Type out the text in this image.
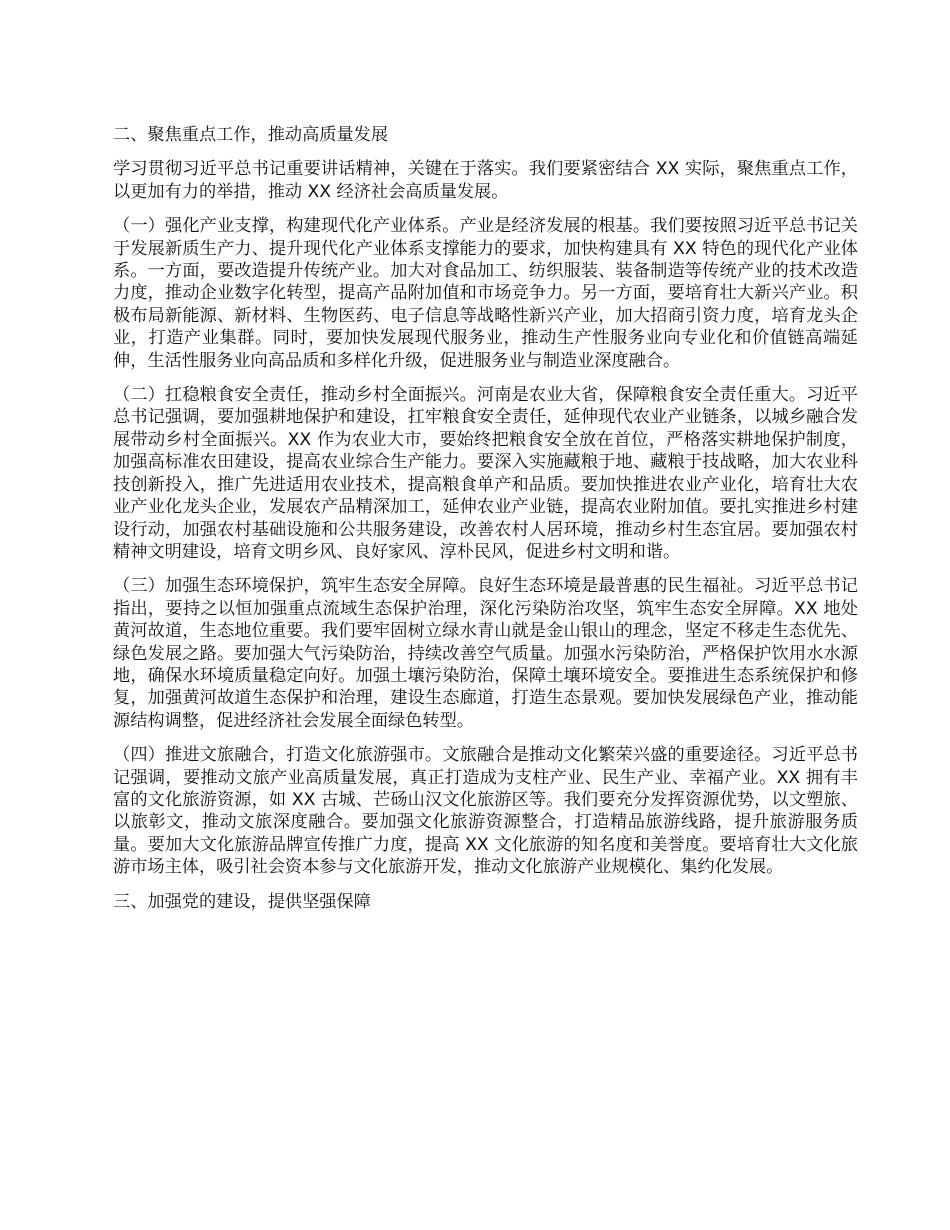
二、聚焦重点工作，推动高质量发展

学习贯彻习近平总书记重要讲话精神，关键在于落实。我们要紧密结合 XX 实际，聚焦重点工作，以更加有力的举措，推动 XX 经济社会高质量发展。

（一）强化产业支撑，构建现代化产业体系。产业是经济发展的根基。我们要按照习近平总书记关于发展新质生产力、提升现代化产业体系支撑能力的要求，加快构建具有 XX 特色的现代化产业体系。一方面，要改造提升传统产业。加大对食品加工、纺织服装、装备制造等传统产业的技术改造力度，推动企业数字化转型，提高产品附加值和市场竞争力。另一方面，要培育壮大新兴产业。积极布局新能源、新材料、生物医药、电子信息等战略性新兴产业，加大招商引资力度，培育龙头企业，打造产业集群。同时，要加快发展现代服务业，推动生产性服务业向专业化和价值链高端延伸，生活性服务业向高品质和多样化升级，促进服务业与制造业深度融合。

（二）扛稳粮食安全责任，推动乡村全面振兴。河南是农业大省，保障粮食安全责任重大。习近平总书记强调，要加强耕地保护和建设，扛牢粮食安全责任，延伸现代农业产业链条，以城乡融合发展带动乡村全面振兴。XX 作为农业大市，要始终把粮食安全放在首位，严格落实耕地保护制度，加强高标准农田建设，提高农业综合生产能力。要深入实施藏粮于地、藏粮于技战略，加大农业科技创新投入，推广先进适用农业技术，提高粮食单产和品质。要加快推进农业产业化，培育壮大农业产业化龙头企业，发展农产品精深加工，延伸农业产业链，提高农业附加值。要扎实推进乡村建设行动，加强农村基础设施和公共服务建设，改善农村人居环境，推动乡村生态宜居。要加强农村精神文明建设，培育文明乡风、良好家风、淳朴民风，促进乡村文明和谐。

（三）加强生态环境保护，筑牢生态安全屏障。良好生态环境是最普惠的民生福祉。习近平总书记指出，要持之以恒加强重点流域生态保护治理，深化污染防治攻坚，筑牢生态安全屏障。XX 地处黄河故道，生态地位重要。我们要牢固树立绿水青山就是金山银山的理念，坚定不移走生态优先、绿色发展之路。要加强大气污染防治，持续改善空气质量。加强水污染防治，严格保护饮用水水源地，确保水环境质量稳定向好。加强土壤污染防治，保障土壤环境安全。要推进生态系统保护和修复，加强黄河故道生态保护和治理，建设生态廊道，打造生态景观。要加快发展绿色产业，推动能源结构调整，促进经济社会发展全面绿色转型。

（四）推进文旅融合，打造文化旅游强市。文旅融合是推动文化繁荣兴盛的重要途径。习近平总书记强调，要推动文旅产业高质量发展，真正打造成为支柱产业、民生产业、幸福产业。XX 拥有丰富的文化旅游资源，如 XX 古城、芒砀山汉文化旅游区等。我们要充分发挥资源优势，以文塑旅、以旅彰文，推动文旅深度融合。要加强文化旅游资源整合，打造精品旅游线路，提升旅游服务质量。要加大文化旅游品牌宣传推广力度，提高 XX 文化旅游的知名度和美誉度。要培育壮大文化旅游市场主体，吸引社会资本参与文化旅游开发，推动文化旅游产业规模化、集约化发展。

三、加强党的建设，提供坚强保障
